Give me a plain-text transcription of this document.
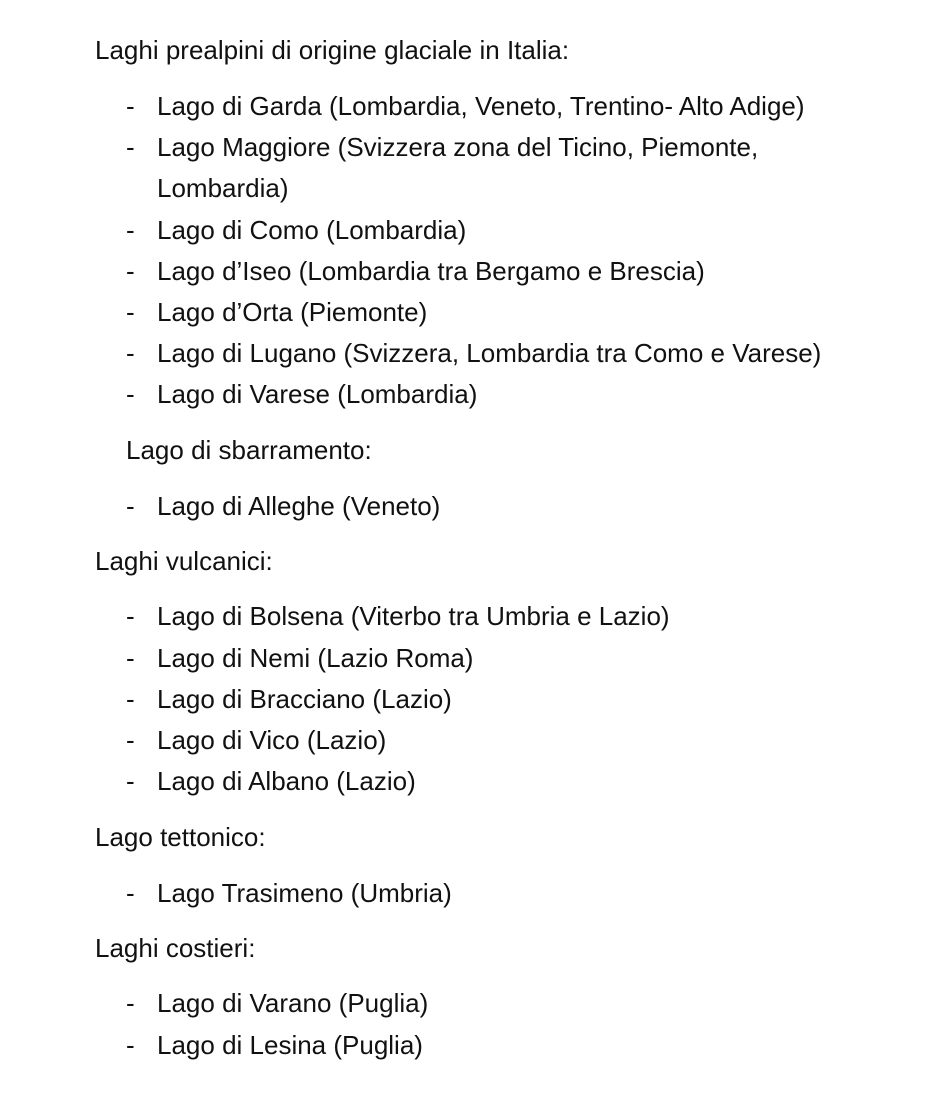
Laghi prealpini di origine glaciale in Italia:
- Lago di Garda (Lombardia, Veneto, Trentino- Alto Adige)
- Lago Maggiore (Svizzera zona del Ticino, Piemonte, Lombardia)
- Lago di Como (Lombardia)
- Lago d’Iseo (Lombardia tra Bergamo e Brescia)
- Lago d’Orta (Piemonte)
- Lago di Lugano (Svizzera, Lombardia tra Como e Varese)
- Lago di Varese (Lombardia)
Lago di sbarramento:
- Lago di Alleghe (Veneto)
Laghi vulcanici:
- Lago di Bolsena (Viterbo tra Umbria e Lazio)
- Lago di Nemi (Lazio Roma)
- Lago di Bracciano (Lazio)
- Lago di Vico (Lazio)
- Lago di Albano (Lazio)
Lago tettonico:
- Lago Trasimeno (Umbria)
Laghi costieri:
- Lago di Varano (Puglia)
- Lago di Lesina (Puglia)
